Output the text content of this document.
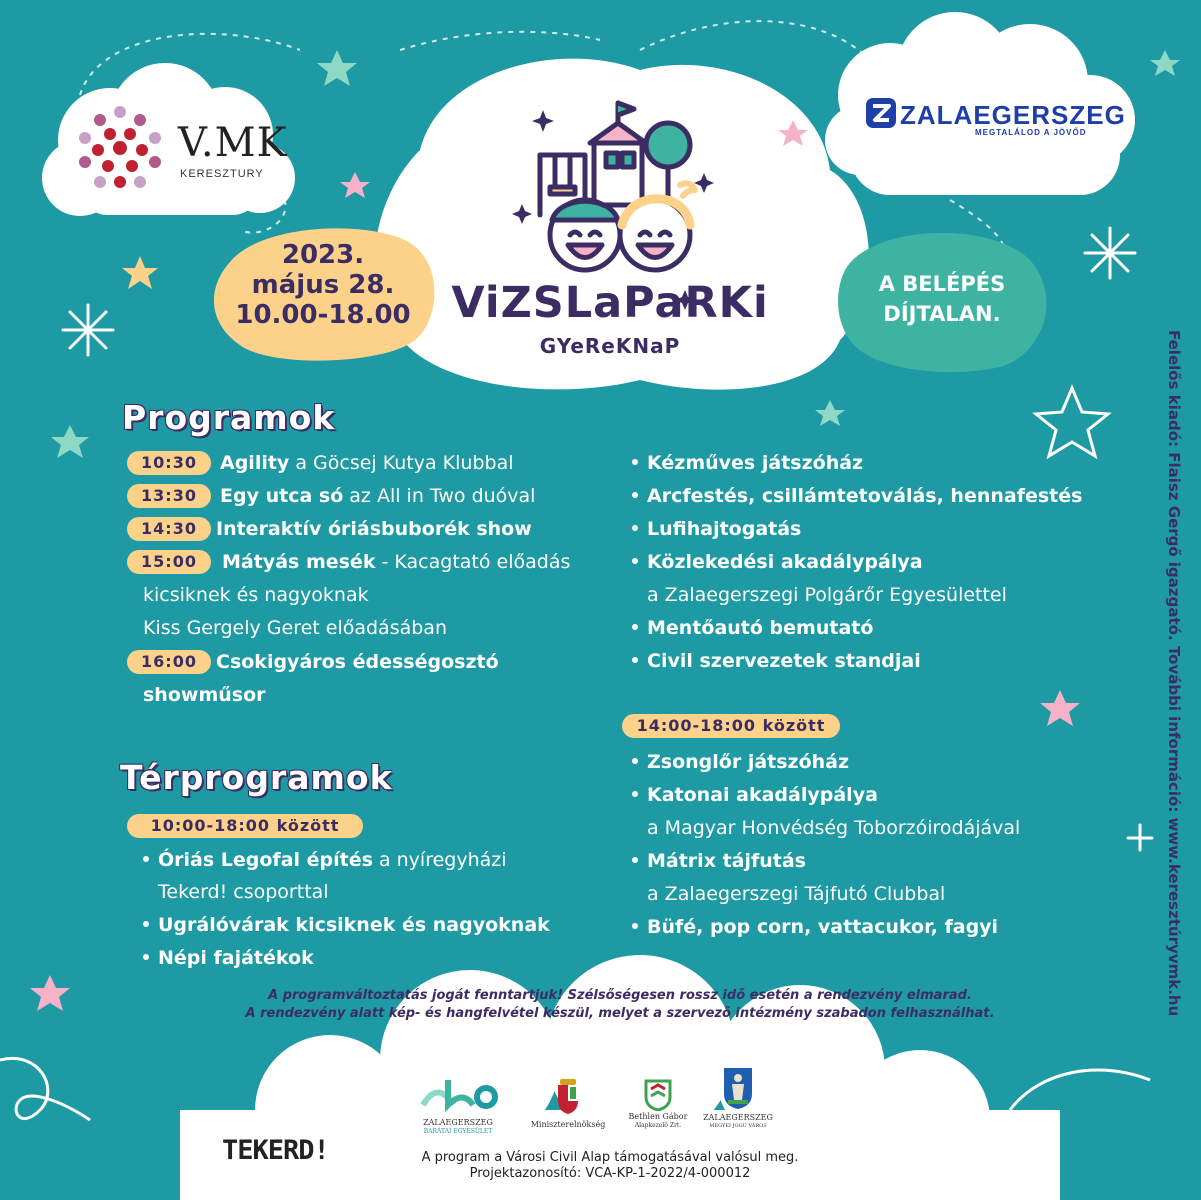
V.MK
KERESZTURY
ZALAEGERSZEG
MEGTALÁLOD A JÖVŐD
ViZSLaPaRKi
GYeReKNaP
2023.
május 28.
10.00-18.00
A BELÉPÉS
DÍJTALAN.
Programok
10:30	Agility a Göcsej Kutya Klubbal
13:30	Egy utca só az All in Two duóval
14:30	Interaktív óriásbuborék show
15:00	Mátyás mesék - Kacagtató előadás
kicsiknek és nagyoknak
Kiss Gergely Geret előadásában
16:00	Csokigyáros édességosztó
showműsor
Kézműves játszóház
Arcfestés, csillámtetoválás, hennafestés
Lufihajtogatás
Közlekedési akadálypálya
a Zalaegerszegi Polgárőr Egyesülettel
Mentőautó bemutató
Civil szervezetek standjai
14:00-18:00 között
Zsonglőr játszóház
Katonai akadálypálya
a Magyar Honvédség Toborzóirodájával
Mátrix tájfutás
a Zalaegerszegi Tájfutó Clubbal
Büfé, pop corn, vattacukor, fagyi
Térprogramok
10:00-18:00 között
Óriás Legofal építés a nyíregyházi
Tekerd! csoporttal
Ugrálóvárak kicsiknek és nagyoknak
Népi fajátékok
A programváltoztatás jogát fenntartjuk! Szélsőségesen rossz idő esetén a rendezvény elmarad.
A rendezvény alatt kép- és hangfelvétel készül, melyet a szervező intézmény szabadon felhasználhat.	Felelős kiadó: Flaisz Gergő igazgató. További információ: www.keresztúryvmk.hu
ZALAEGERSZEG
BARÁTAI EGYESÜLET
Miniszterelnökség
Bethlen Gábor
Alapkezelő Zrt.
ZALAEGERSZEG
MEGYEI JOGÚ VÁROS
TEKERD!	A program a Városi Civil Alap támogatásával valósul meg.
Projektazonosító: VCA-KP-1-2022/4-000012
